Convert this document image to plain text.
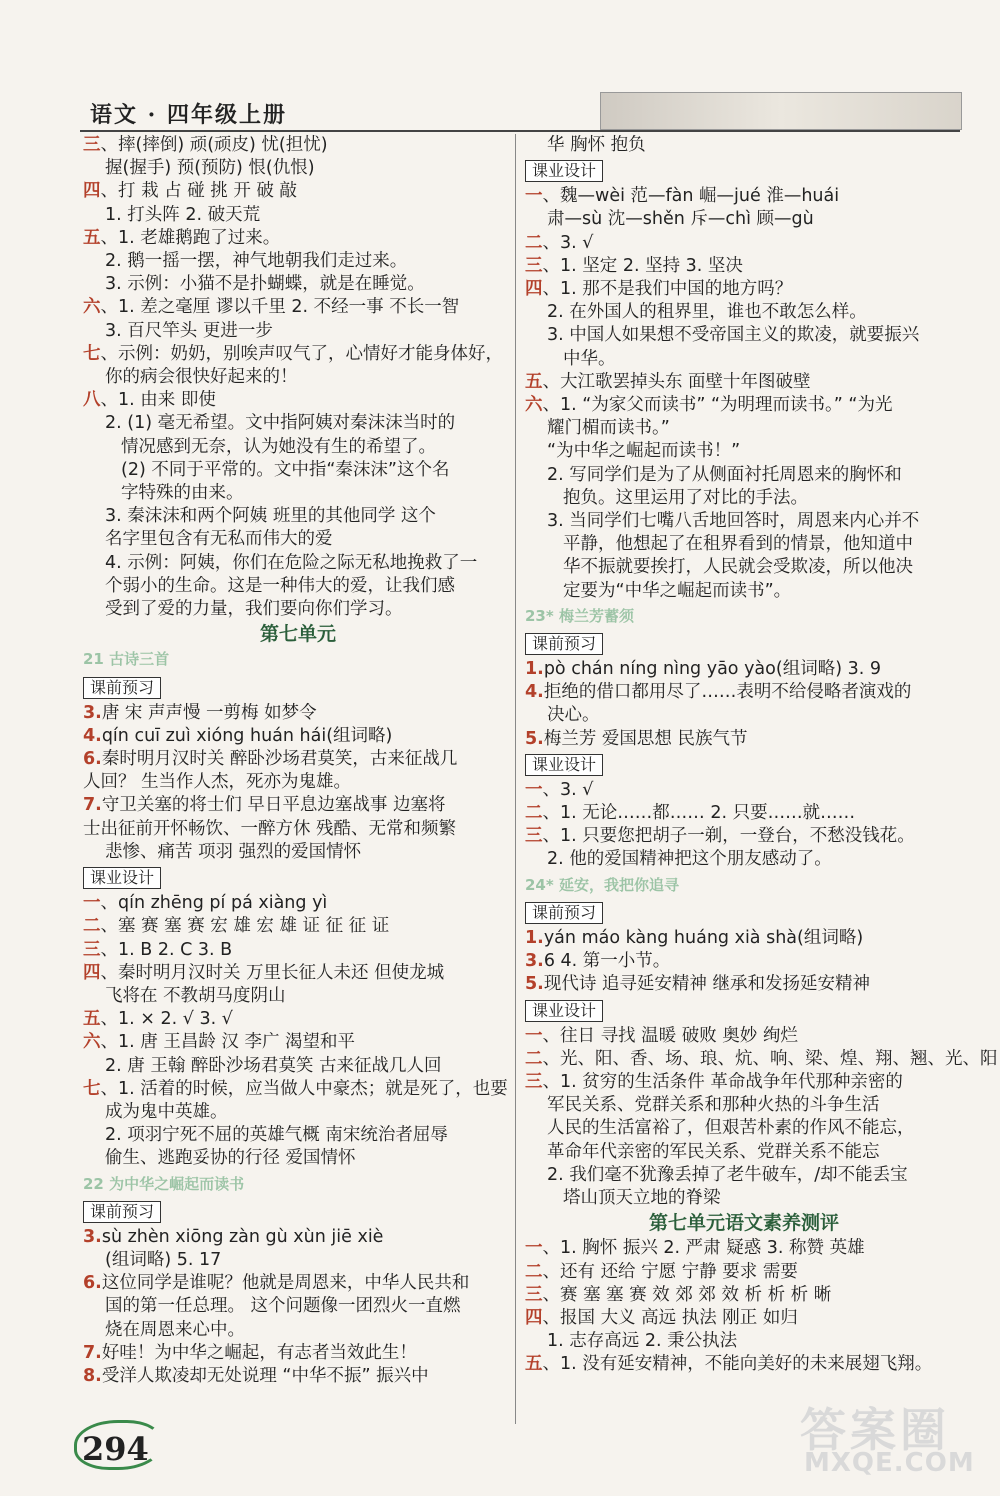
语文 · 四年级上册
三、摔(摔倒) 顽(顽皮) 忧(担忧)
握(握手) 预(预防) 恨(仇恨)
四、打 栽 占 碰 挑 开 破 敲
1. 打头阵 2. 破天荒
五、1. 老雄鹅跑了过来。
2. 鹅一摇一摆，神气地朝我们走过来。
3. 示例：小猫不是扑蝴蝶，就是在睡觉。
六、1. 差之毫厘 谬以千里 2. 不经一事 不长一智
3. 百尺竿头 更进一步
七、示例：奶奶，别唉声叹气了，心情好才能身体好，
你的病会很快好起来的！
八、1. 由来 即使
2. (1) 毫无希望。文中指阿姨对秦沫沫当时的
情况感到无奈，认为她没有生的希望了。
(2) 不同于平常的。文中指“秦沫沫”这个名
字特殊的由来。
3. 秦沫沫和两个阿姨 班里的其他同学 这个
名字里包含有无私而伟大的爱
4. 示例：阿姨，你们在危险之际无私地挽救了一
个弱小的生命。这是一种伟大的爱，让我们感
受到了爱的力量，我们要向你们学习。
第七单元
21 古诗三首
课前预习
3.唐 宋 声声慢 一剪梅 如梦令
4.qín cuī zuì xióng huán hái(组词略)
6.秦时明月汉时关 醉卧沙场君莫笑，古来征战几
人回？ 生当作人杰，死亦为鬼雄。
7.守卫关塞的将士们 早日平息边塞战事 边塞将
士出征前开怀畅饮、一醉方休 残酷、无常和频繁
悲惨、痛苦 项羽 强烈的爱国情怀
课业设计
一、qín zhēng pí pá xiàng yì
二、塞 赛 塞 赛 宏 雄 宏 雄 证 征 征 证
三、1. B 2. C 3. B
四、秦时明月汉时关 万里长征人未还 但使龙城
飞将在 不教胡马度阴山
五、1. × 2. √ 3. √
六、1. 唐 王昌龄 汉 李广 渴望和平
2. 唐 王翰 醉卧沙场君莫笑 古来征战几人回
七、1. 活着的时候，应当做人中豪杰；就是死了，也要
成为鬼中英雄。
2. 项羽宁死不屈的英雄气概 南宋统治者屈辱
偷生、逃跑妥协的行径 爱国情怀
22 为中华之崛起而读书
课前预习
3.sù zhèn xiōng zàn gù xùn jiē xiè
(组词略) 5. 17
6.这位同学是谁呢？他就是周恩来，中华人民共和
国的第一任总理。 这个问题像一团烈火一直燃
烧在周恩来心中。
7.好哇！为中华之崛起，有志者当效此生！
8.受洋人欺凌却无处说理 “中华不振” 振兴中
华 胸怀 抱负
课业设计
一、魏—wèi 范—fàn 崛—jué 淮—huái
肃—sù 沈—shěn 斥—chì 顾—gù
二、3. √
三、1. 坚定 2. 坚持 3. 坚决
四、1. 那不是我们中国的地方吗？
2. 在外国人的租界里，谁也不敢怎么样。
3. 中国人如果想不受帝国主义的欺凌，就要振兴
中华。
五、大江歌罢掉头东 面壁十年图破壁
六、1. “为家父而读书” “为明理而读书。” “为光
耀门楣而读书。”
“为中华之崛起而读书！”
2. 写同学们是为了从侧面衬托周恩来的胸怀和
抱负。这里运用了对比的手法。
3. 当同学们七嘴八舌地回答时，周恩来内心并不
平静，他想起了在租界看到的情景，他知道中
华不振就要挨打，人民就会受欺凌，所以他决
定要为“中华之崛起而读书”。
23* 梅兰芳蓄须
课前预习
1.pò chán níng nìng yāo yào(组词略) 3. 9
4.拒绝的借口都用尽了……表明不给侵略者演戏的
决心。
5.梅兰芳 爱国思想 民族气节
课业设计
一、3. √
二、1. 无论……都…… 2. 只要……就……
三、1. 只要您把胡子一剃，一登台，不愁没钱花。
2. 他的爱国精神把这个朋友感动了。
24* 延安，我把你追寻
课前预习
1.yán máo kàng huáng xià shà(组词略)
3.6 4. 第一小节。
5.现代诗 追寻延安精神 继承和发扬延安精神
课业设计
一、往日 寻找 温暖 破败 奥妙 绚烂
二、光、阳、香、场、琅、炕、响、梁、煌、翔、翘、光、阳
三、1. 贫穷的生活条件 革命战争年代那种亲密的
军民关系、党群关系和那种火热的斗争生活
人民的生活富裕了，但艰苦朴素的作风不能忘，
革命年代亲密的军民关系、党群关系不能忘
2. 我们毫不犹豫丢掉了老牛破车，/却不能丢宝
塔山顶天立地的脊梁
第七单元语文素养测评
一、1. 胸怀 振兴 2. 严肃 疑惑 3. 称赞 英雄
二、还有 还给 宁愿 宁静 要求 需要
三、赛 塞 塞 赛 效 郊 郊 效 析 析 析 晰
四、报国 大义 高远 执法 刚正 如归
1. 志存高远 2. 秉公执法
五、1. 没有延安精神，不能向美好的未来展翅飞翔。
294	答案圈
MXQE.COM
